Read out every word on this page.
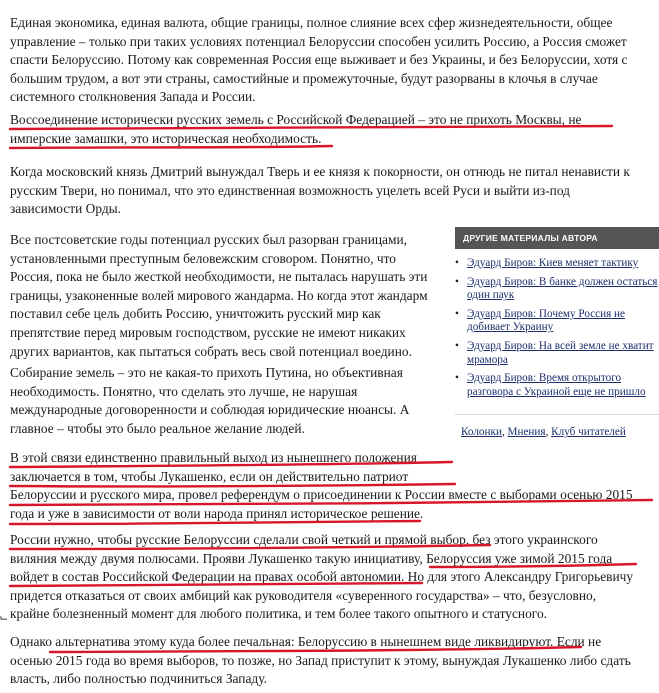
Единая экономика, единая валюта, общие границы, полное слияние всех сфер жизнедеятельности, общее
управление – только при таких условиях потенциал Белоруссии способен усилить Россию, а Россия сможет
спасти Белоруссию. Потому как современная Россия еще выживает и без Украины, и без Белоруссии, хотя с
большим трудом, а вот эти страны, самостийные и промежуточные, будут разорваны в клочья в случае
системного столкновения Запада и России.
Воссоединение исторически русских земель с Российской Федерацией – это не прихоть Москвы, не
имперские замашки, это историческая необходимость.
Когда московский князь Дмитрий вынуждал Тверь и ее князя к покорности, он отнюдь не питал ненависти к
русским Твери, но понимал, что это единственная возможность уцелеть всей Руси и выйти из-под
зависимости Орды.
Все постсоветские годы потенциал русских был разорван границами,
установленными преступным беловежским сговором. Понятно, что
Россия, пока не было жесткой необходимости, не пыталась нарушать эти
границы, узаконенные волей мирового жандарма. Но когда этот жандарм
поставил себе цель добить Россию, уничтожить русский мир как
препятствие перед мировым господством, русские не имеют никаких
других вариантов, как пытаться собрать весь свой потенциал воедино.
Собирание земель – это не какая-то прихоть Путина, но объективная
необходимость. Понятно, что сделать это лучше, не нарушая
международные договоренности и соблюдая юридические нюансы. А
главное – чтобы это было реальное желание людей.
В этой связи единственно правильный выход из нынешнего положения
заключается в том, чтобы Лукашенко, если он действительно патриот
Белоруссии и русского мира, провел референдум о присоединении к России вместе с выборами осенью 2015
года и уже в зависимости от воли народа принял историческое решение.
России нужно, чтобы русские Белоруссии сделали свой четкий и прямой выбор, без этого украинского
виляния между двумя полюсами. Прояви Лукашенко такую инициативу, Белоруссия уже зимой 2015 года
войдет в состав Российской Федерации на правах особой автономии. Но для этого Александру Григорьевичу
придется отказаться от своих амбиций как руководителя «суверенного государства» – что, безусловно,
крайне болезненный момент для любого политика, и тем более такого опытного и статусного.
Однако альтернатива этому куда более печальная: Белоруссию в нынешнем виде ликвидируют. Если не
осенью 2015 года во время выборов, то позже, но Запад приступит к этому, вынуждая Лукашенко либо сдать
власть, либо полностью подчиниться Западу.
ДРУГИЕ МАТЕРИАЛЫ АВТОРА
• Эдуард Биров: Киев меняет тактику
• Эдуард Биров: В банке должен остаться один паук
• Эдуард Биров: Почему Россия не добивает Украину
• Эдуард Биров: На всей земле не хватит мрамора
• Эдуард Биров: Время открытого разговора с Украиной еще не пришло
Колонки, Мнения, Клуб читателей
⨽
